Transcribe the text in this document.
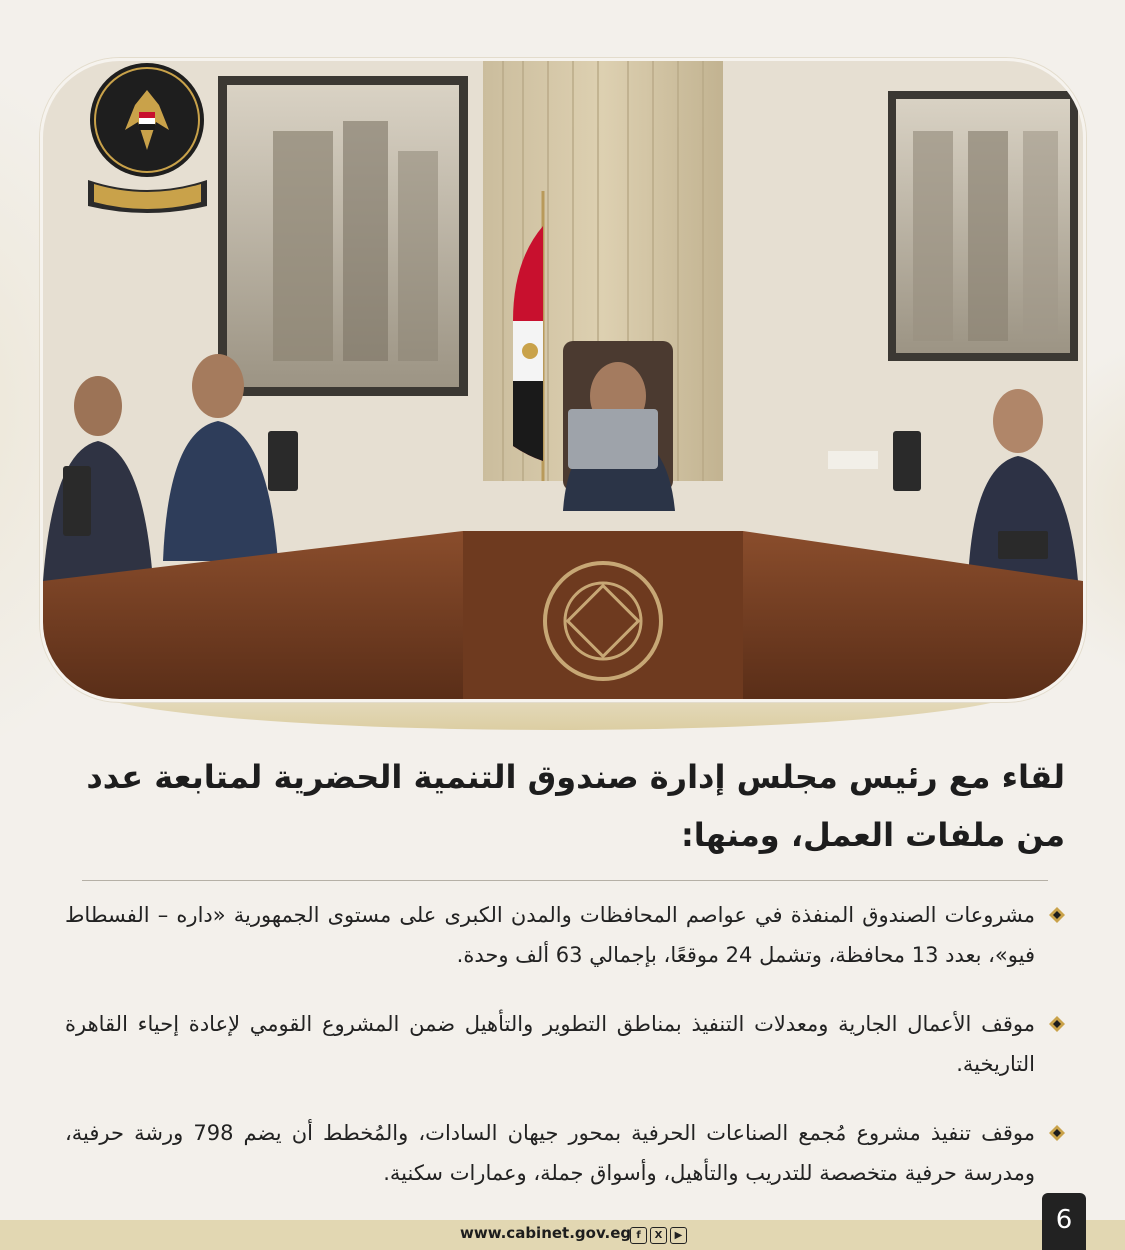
لقاء مع رئيس مجلس إدارة صندوق التنمية الحضرية لمتابعة عدد من ملفات العمل، ومنها:
مشروعات الصندوق المنفذة في عواصم المحافظات والمدن الكبرى على مستوى الجمهورية «داره – الفسطاط فيو»، بعدد 13 محافظة، وتشمل 24 موقعًا، بإجمالي 63 ألف وحدة.
موقف الأعمال الجارية ومعدلات التنفيذ بمناطق التطوير والتأهيل ضمن المشروع القومي لإعادة إحياء القاهرة التاريخية.
موقف تنفيذ مشروع مُجمع الصناعات الحرفية بمحور جيهان السادات، والمُخطط أن يضم 798 ورشة حرفية، ومدرسة حرفية متخصصة للتدريب والتأهيل، وأسواق جملة، وعمارات سكنية.
www.cabinet.gov.eg f	X	▶
6
